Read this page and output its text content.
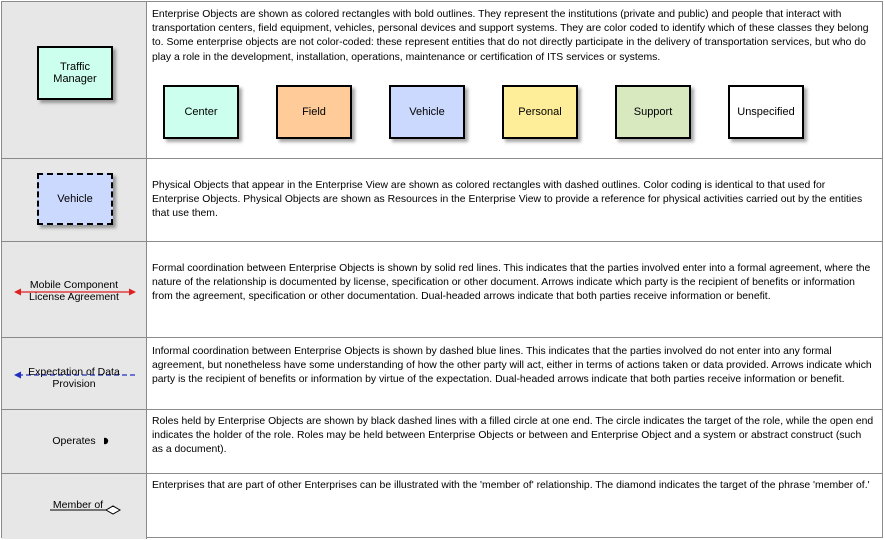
Traffic Manager
Enterprise Objects are shown as colored rectangles with bold outlines. They represent the institutions (private and public) and people that interact with transportation centers, field equipment, vehicles, personal devices and support systems. They are color coded to identify which of these classes they belong to. Some enterprise objects are not color-coded: these represent entities that do not directly participate in the delivery of transportation services, but who do play a role in the development, installation, operations, maintenance or certification of ITS services or systems.
Center	Field	Vehicle	Personal	Support	Unspecified
Vehicle
Physical Objects that appear in the Enterprise View are shown as colored rectangles with dashed outlines. Color coding is identical to that used for Enterprise Objects. Physical Objects are shown as Resources in the Enterprise View to provide a reference for physical activities carried out by the entities that use them.
Mobile Component License Agreement
Formal coordination between Enterprise Objects is shown by solid red lines. This indicates that the parties involved enter into a formal agreement, where the nature of the relationship is documented by license, specification or other document. Arrows indicate which party is the recipient of benefits or information from the agreement, specification or other documentation. Dual-headed arrows indicate that both parties receive information or benefit.
Expectation of Data Provision
Informal coordination between Enterprise Objects is shown by dashed blue lines. This indicates that the parties involved do not enter into any formal agreement, but nonetheless have some understanding of how the other party will act, either in terms of actions taken or data provided. Arrows indicate which party is the recipient of benefits or information by virtue of the expectation. Dual-headed arrows indicate that both parties receive information or benefit.
Operates
Roles held by Enterprise Objects are shown by black dashed lines with a filled circle at one end. The circle indicates the target of the role, while the open end indicates the holder of the role. Roles may be held between Enterprise Objects or between and Enterprise Object and a system or abstract construct (such as a document).
Member of
Enterprises that are part of other Enterprises can be illustrated with the 'member of' relationship. The diamond indicates the target of the phrase 'member of.'
